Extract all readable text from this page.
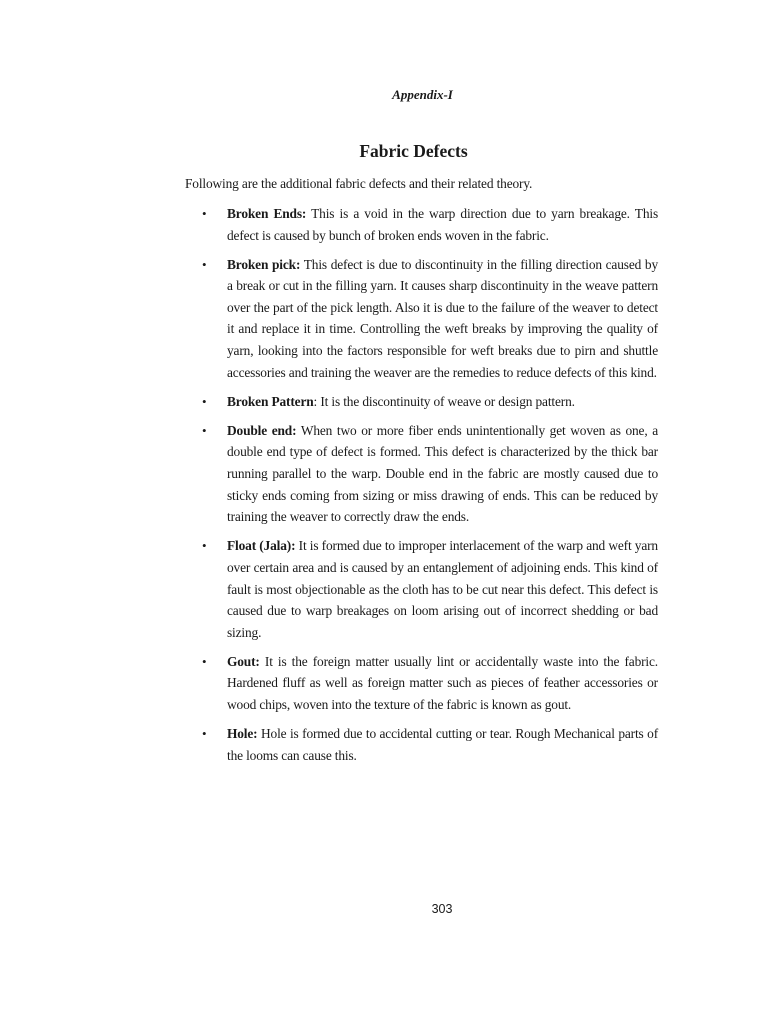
Appendix-I
Fabric Defects
Following are the additional fabric defects and their related theory.
• Broken Ends: This is a void in the warp direction due to yarn breakage. This defect is caused by bunch of broken ends woven in the fabric.
• Broken pick: This defect is due to discontinuity in the filling direction caused by a break or cut in the filling yarn. It causes sharp discontinuity in the weave pattern over the part of the pick length. Also it is due to the failure of the weaver to detect it and replace it in time. Controlling the weft breaks by improving the quality of yarn, looking into the factors responsible for weft breaks due to pirn and shuttle accessories and training the weaver are the remedies to reduce defects of this kind.
• Broken Pattern: It is the discontinuity of weave or design pattern.
• Double end: When two or more fiber ends unintentionally get woven as one, a double end type of defect is formed. This defect is characterized by the thick bar running parallel to the warp. Double end in the fabric are mostly caused due to sticky ends coming from sizing or miss drawing of ends. This can be reduced by training the weaver to correctly draw the ends.
• Float (Jala): It is formed due to improper interlacement of the warp and weft yarn over certain area and is caused by an entanglement of adjoining ends. This kind of fault is most objectionable as the cloth has to be cut near this defect. This defect is caused due to warp breakages on loom arising out of incorrect shedding or bad sizing.
• Gout: It is the foreign matter usually lint or accidentally waste into the fabric. Hardened fluff as well as foreign matter such as pieces of feather accessories or wood chips, woven into the texture of the fabric is known as gout.
• Hole: Hole is formed due to accidental cutting or tear. Rough Mechanical parts of the looms can cause this.
303
